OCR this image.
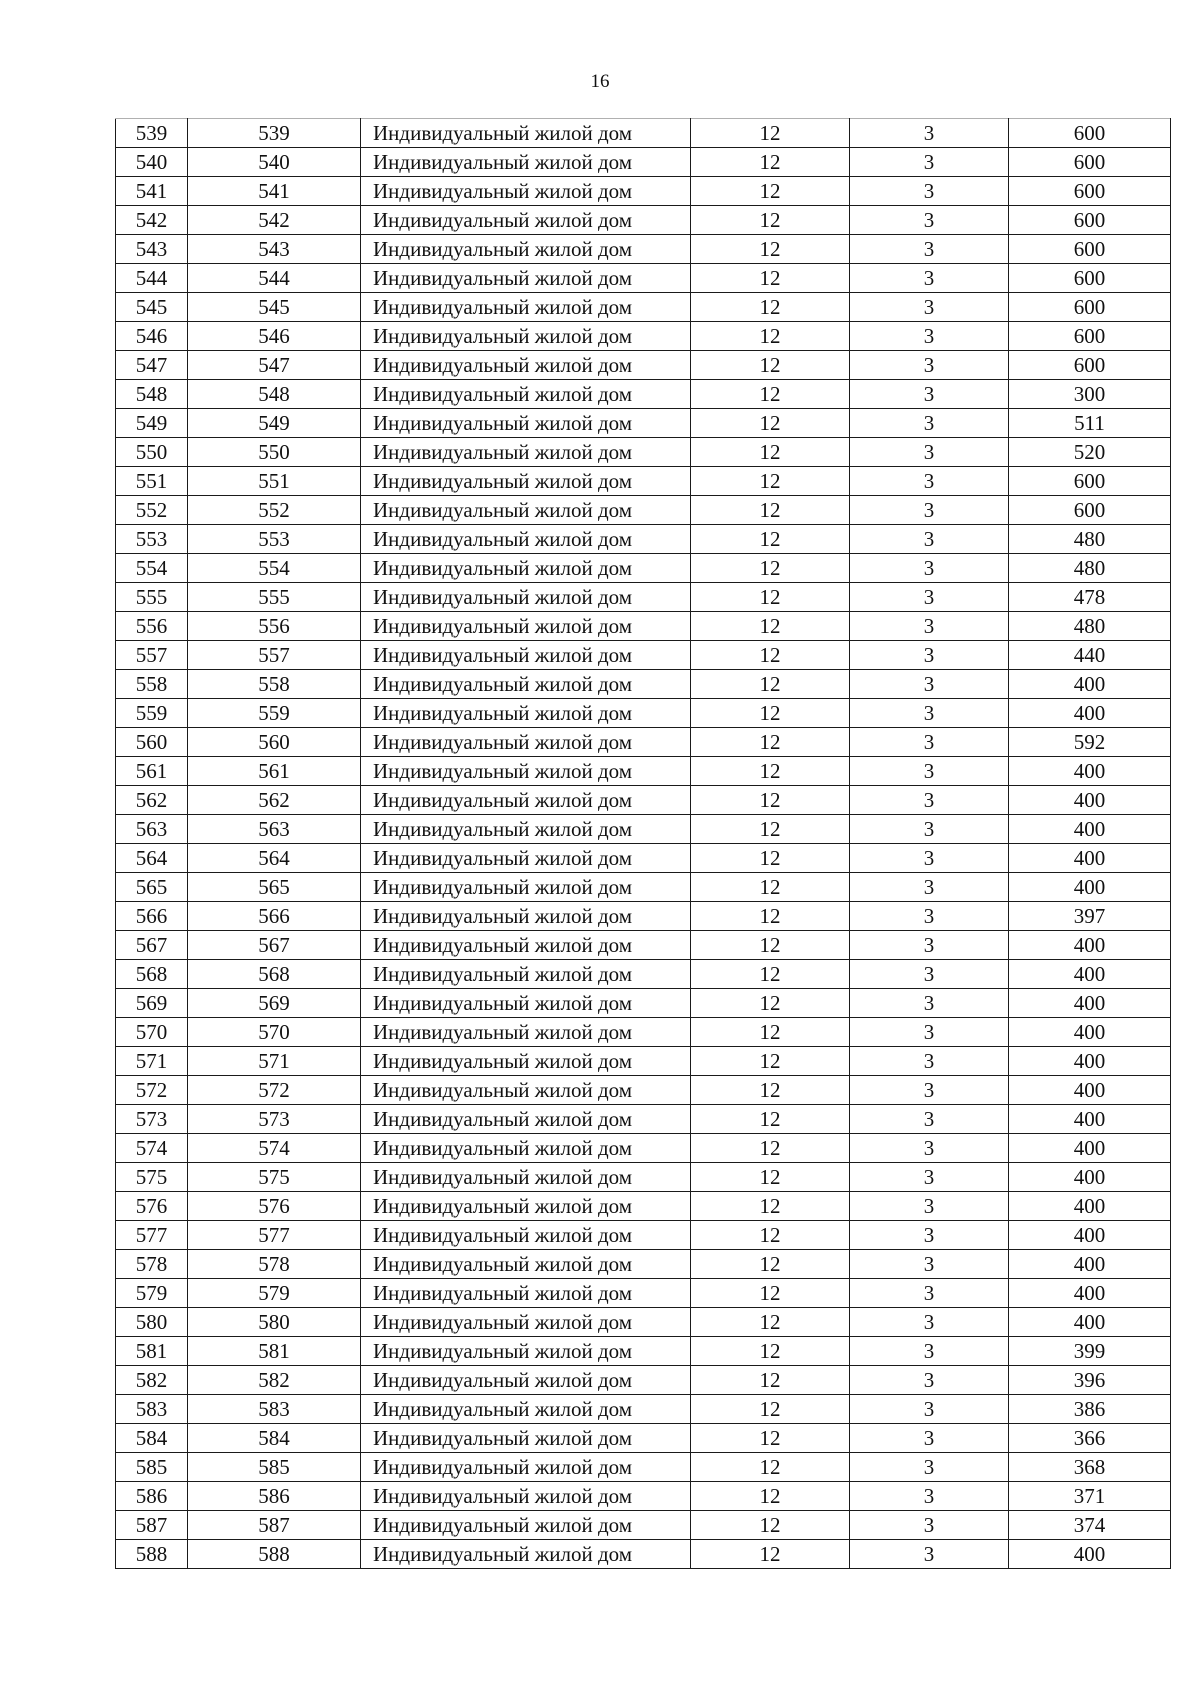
16
539	539	Индивидуальный жилой дом	12	3	600
540	540	Индивидуальный жилой дом	12	3	600
541	541	Индивидуальный жилой дом	12	3	600
542	542	Индивидуальный жилой дом	12	3	600
543	543	Индивидуальный жилой дом	12	3	600
544	544	Индивидуальный жилой дом	12	3	600
545	545	Индивидуальный жилой дом	12	3	600
546	546	Индивидуальный жилой дом	12	3	600
547	547	Индивидуальный жилой дом	12	3	600
548	548	Индивидуальный жилой дом	12	3	300
549	549	Индивидуальный жилой дом	12	3	511
550	550	Индивидуальный жилой дом	12	3	520
551	551	Индивидуальный жилой дом	12	3	600
552	552	Индивидуальный жилой дом	12	3	600
553	553	Индивидуальный жилой дом	12	3	480
554	554	Индивидуальный жилой дом	12	3	480
555	555	Индивидуальный жилой дом	12	3	478
556	556	Индивидуальный жилой дом	12	3	480
557	557	Индивидуальный жилой дом	12	3	440
558	558	Индивидуальный жилой дом	12	3	400
559	559	Индивидуальный жилой дом	12	3	400
560	560	Индивидуальный жилой дом	12	3	592
561	561	Индивидуальный жилой дом	12	3	400
562	562	Индивидуальный жилой дом	12	3	400
563	563	Индивидуальный жилой дом	12	3	400
564	564	Индивидуальный жилой дом	12	3	400
565	565	Индивидуальный жилой дом	12	3	400
566	566	Индивидуальный жилой дом	12	3	397
567	567	Индивидуальный жилой дом	12	3	400
568	568	Индивидуальный жилой дом	12	3	400
569	569	Индивидуальный жилой дом	12	3	400
570	570	Индивидуальный жилой дом	12	3	400
571	571	Индивидуальный жилой дом	12	3	400
572	572	Индивидуальный жилой дом	12	3	400
573	573	Индивидуальный жилой дом	12	3	400
574	574	Индивидуальный жилой дом	12	3	400
575	575	Индивидуальный жилой дом	12	3	400
576	576	Индивидуальный жилой дом	12	3	400
577	577	Индивидуальный жилой дом	12	3	400
578	578	Индивидуальный жилой дом	12	3	400
579	579	Индивидуальный жилой дом	12	3	400
580	580	Индивидуальный жилой дом	12	3	400
581	581	Индивидуальный жилой дом	12	3	399
582	582	Индивидуальный жилой дом	12	3	396
583	583	Индивидуальный жилой дом	12	3	386
584	584	Индивидуальный жилой дом	12	3	366
585	585	Индивидуальный жилой дом	12	3	368
586	586	Индивидуальный жилой дом	12	3	371
587	587	Индивидуальный жилой дом	12	3	374
588	588	Индивидуальный жилой дом	12	3	400
